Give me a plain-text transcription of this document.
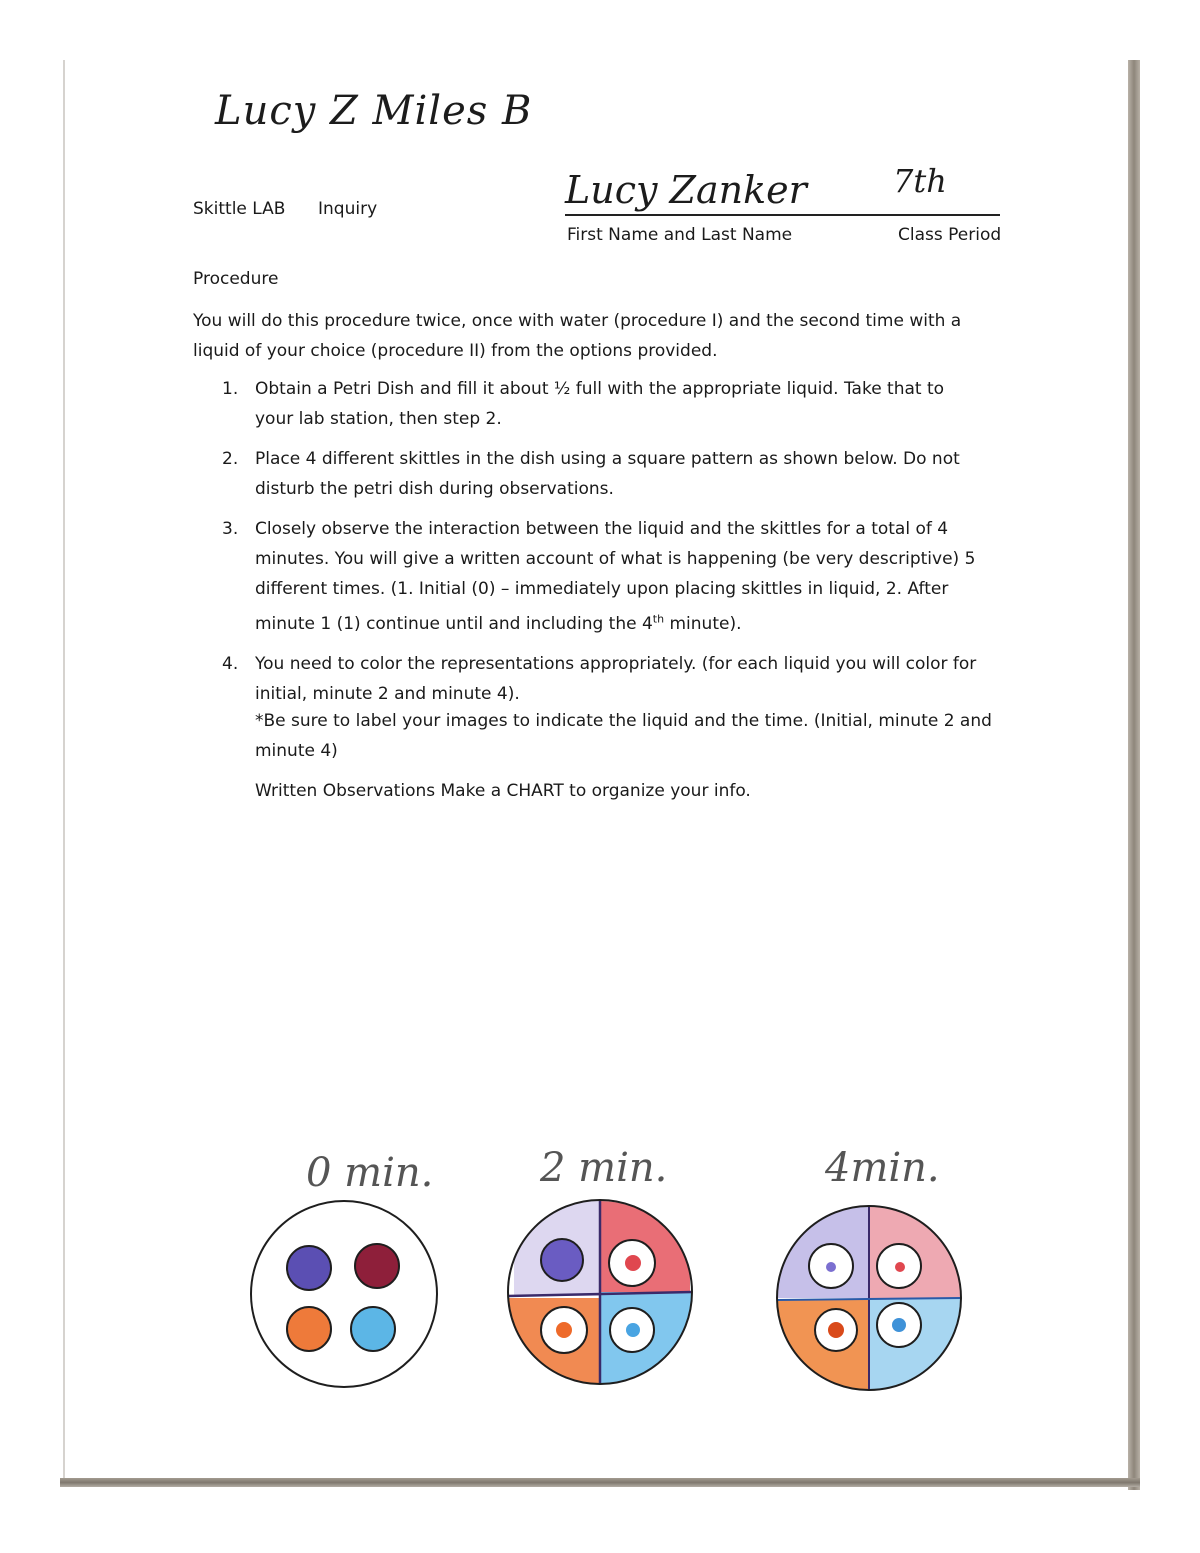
Lucy Z Miles B
Skittle LAB Inquiry	Lucy Zanker	7th
First Name and Last Name	Class Period
Procedure
You will do this procedure twice, once with water (procedure I) and the second time with a
liquid of your choice (procedure II) from the options provided.
1. Obtain a Petri Dish and fill it about ½ full with the appropriate liquid. Take that to your lab station, then step 2.
2. Place 4 different skittles in the dish using a square pattern as shown below. Do not disturb the petri dish during observations.
3. Closely observe the interaction between the liquid and the skittles for a total of 4 minutes. You will give a written account of what is happening (be very descriptive) 5 different times. (1. Initial (0) – immediately upon placing skittles in liquid, 2. After minute 1 (1) continue until and including the 4th minute).
4. You need to color the representations appropriately. (for each liquid you will color for initial, minute 2 and minute 4).
*Be sure to label your images to indicate the liquid and the time. (Initial, minute 2 and minute 4)
Written Observations Make a CHART to organize your info.
0 min.	2 min.	4min.
